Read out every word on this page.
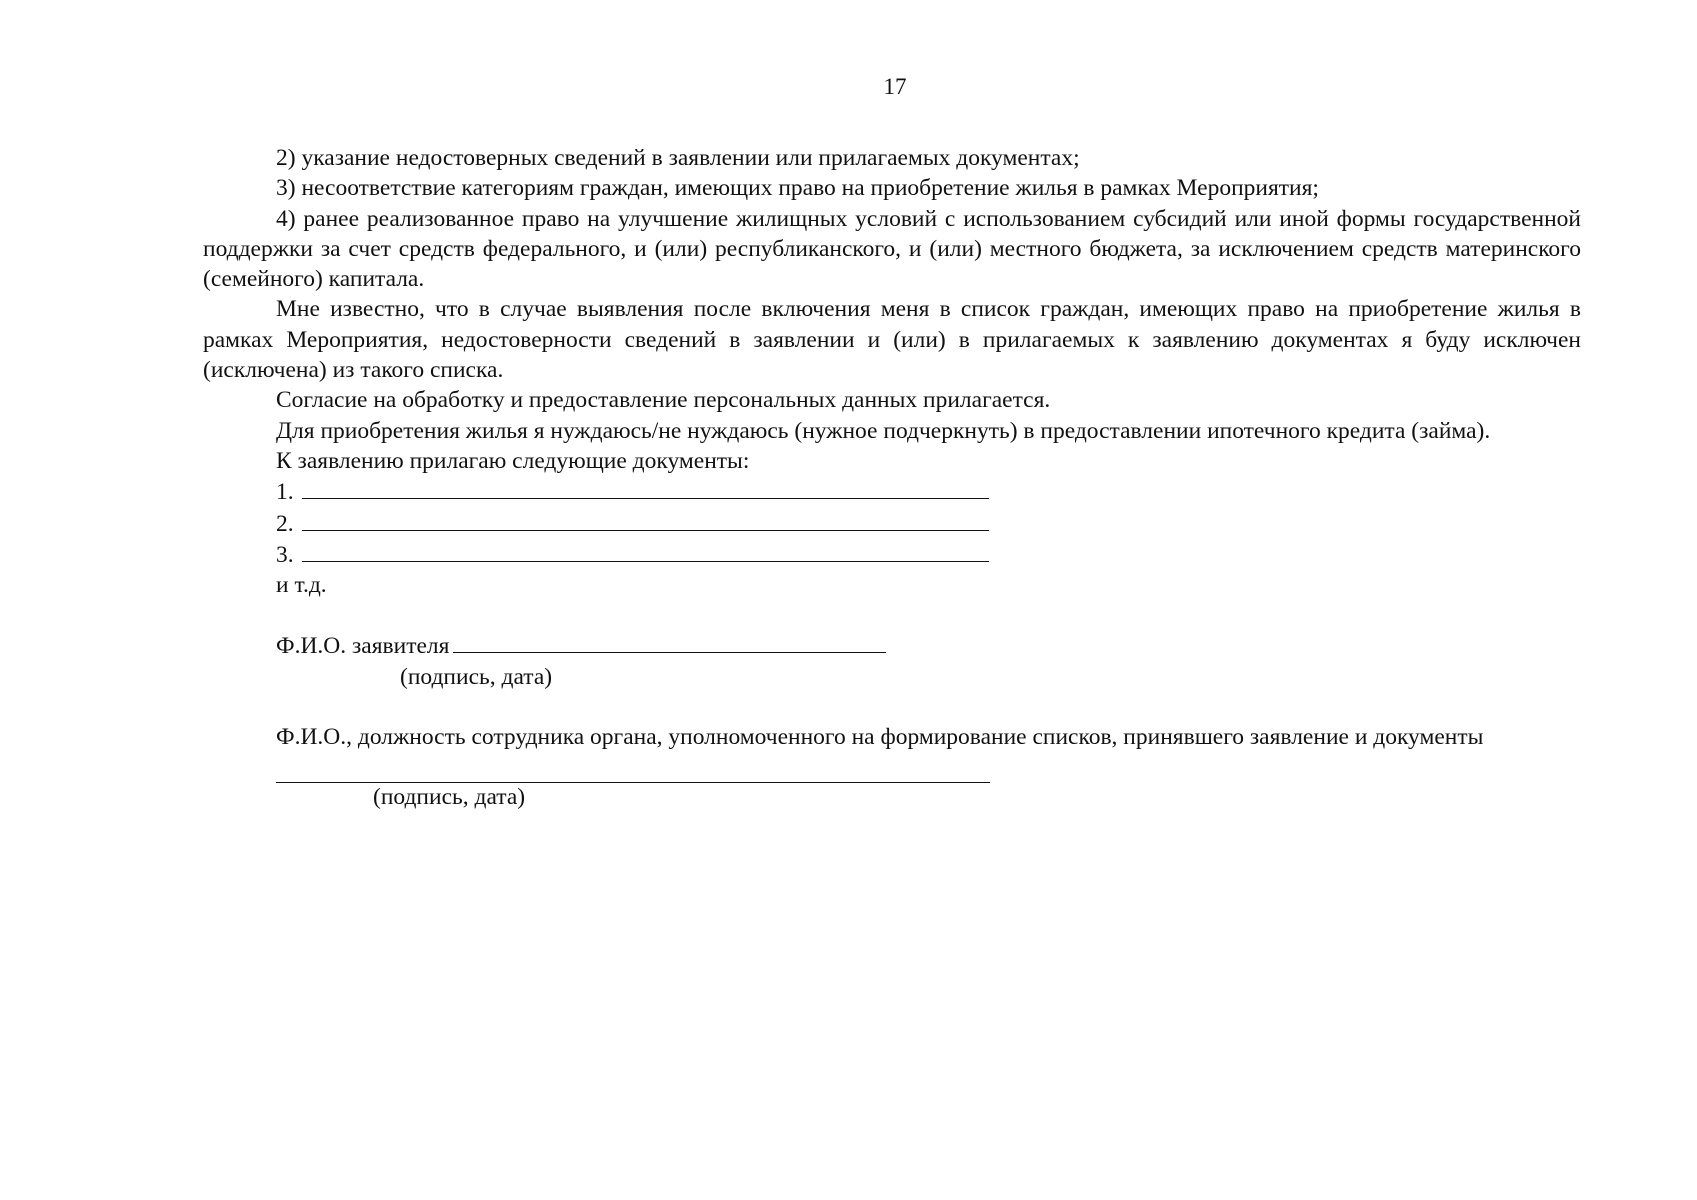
17

2) указание недостоверных сведений в заявлении или прилагаемых документах;

3) несоответствие категориям граждан, имеющих право на приобретение жилья в рамках Мероприятия;

4) ранее реализованное право на улучшение жилищных условий с использованием субсидий или иной формы государственной поддержки за счет средств федерального, и (или) республиканского, и (или) местного бюджета, за исключением средств материнского (семейного) капитала.

Мне известно, что в случае выявления после включения меня в список граждан, имеющих право на приобретение жилья в рамках Мероприятия, недостоверности сведений в заявлении и (или) в прилагаемых к заявлению документах я буду исключен (исключена) из такого списка.

Согласие на обработку и предоставление персональных данных прилагается.

Для приобретения жилья я нуждаюсь/не нуждаюсь (нужное подчеркнуть) в предоставлении ипотечного кредита (займа).

К заявлению прилагаю следующие документы:

1.

2.

3.

и т.д.

Ф.И.О. заявителя

(подпись, дата)

Ф.И.О., должность сотрудника органа, уполномоченного на формирование списков, принявшего заявление и документы

(подпись, дата)
